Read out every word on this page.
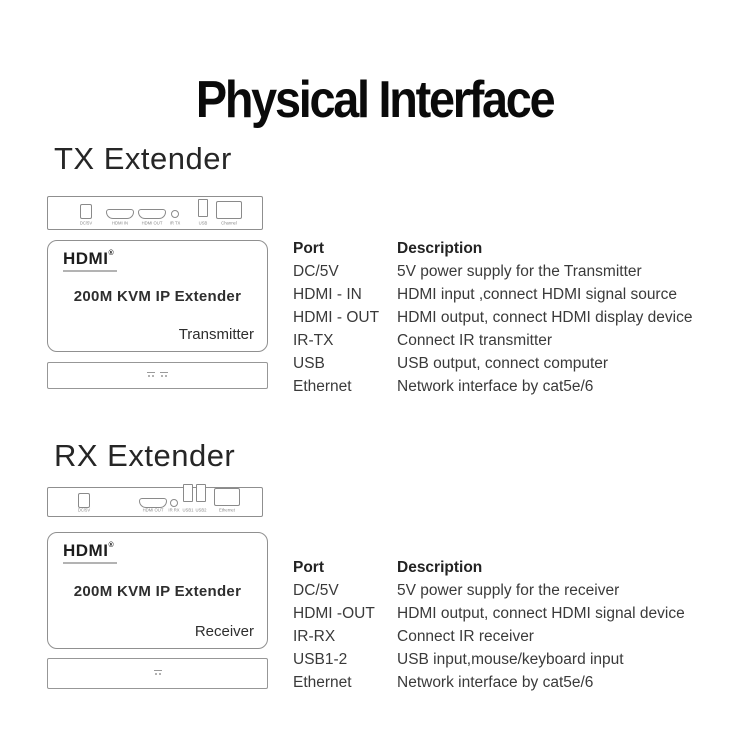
Physical Interface
TX Extender
DC/5V HDMI IN HDMI OUT IR TX USB Channel
HDMI®
200M KVM IP Extender
Transmitter
Port	Description
DC/5V	5V power supply for the Transmitter
HDMI - IN	HDMI input ,connect HDMI signal source
HDMI - OUT	HDMI output, connect HDMI display device
IR-TX	Connect IR transmitter
USB	USB output, connect computer
Ethernet	Network interface by cat5e/6
RX Extender
DC/5V	HDMI OUT IR RX USB1 USB2 Ethernet
HDMI®
200M KVM IP Extender
Receiver
Port	Description
DC/5V	5V power supply for the receiver
HDMI -OUT	HDMI output, connect HDMI signal device
IR-RX	Connect IR receiver
USB1-2	USB input,mouse/keyboard input
Ethernet	Network interface by cat5e/6
